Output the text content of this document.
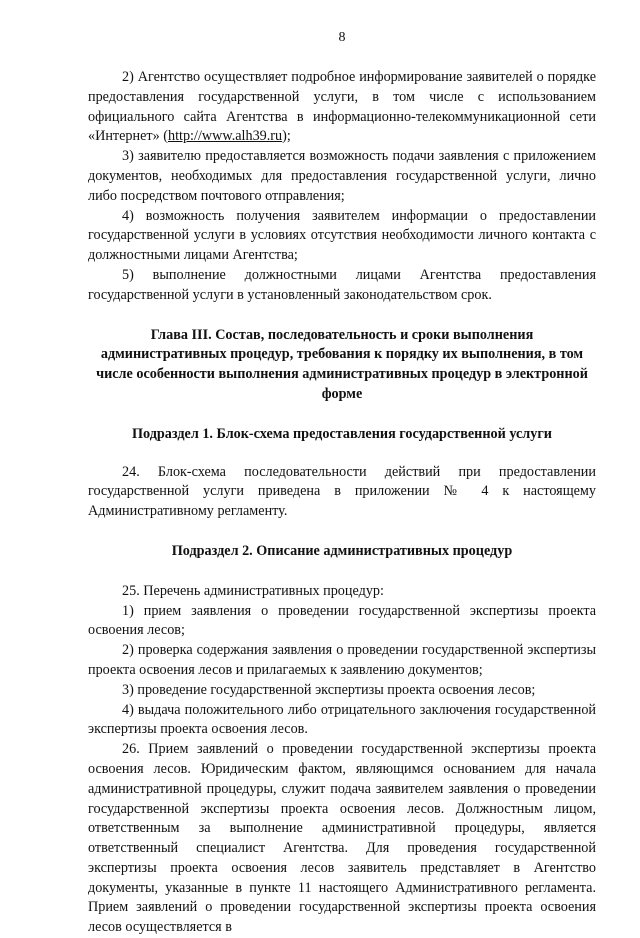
8

2) Агентство осуществляет подробное информирование заявителей о порядке предоставления государственной услуги, в том числе с использованием официального сайта Агентства в информационно-телекоммуникационной сети «Интернет» (http://www.alh39.ru);

3) заявителю предоставляется возможность подачи заявления с приложением документов, необходимых для предоставления государственной услуги, лично либо посредством почтового отправления;

4) возможность получения заявителем информации о предоставлении государственной услуги в условиях отсутствия необходимости личного контакта с должностными лицами Агентства;

5) выполнение должностными лицами Агентства предоставления государственной услуги в установленный законодательством срок.

Глава III. Состав, последовательность и сроки выполнения административных процедур, требования к порядку их выполнения, в том числе особенности выполнения административных процедур в электронной форме
Подраздел 1. Блок-схема предоставления государственной услуги

24. Блок-схема последовательности действий при предоставлении государственной услуги приведена в приложении № 4 к настоящему Административному регламенту.

Подраздел 2. Описание административных процедур

25. Перечень административных процедур:

1) прием заявления о проведении государственной экспертизы проекта освоения лесов;

2) проверка содержания заявления о проведении государственной экспертизы проекта освоения лесов и прилагаемых к заявлению документов;

3) проведение государственной экспертизы проекта освоения лесов;

4) выдача положительного либо отрицательного заключения государственной экспертизы проекта освоения лесов.

26. Прием заявлений о проведении государственной экспертизы проекта освоения лесов. Юридическим фактом, являющимся основанием для начала административной процедуры, служит подача заявителем заявления о проведении государственной экспертизы проекта освоения лесов. Должностным лицом, ответственным за выполнение административной процедуры, является ответственный специалист Агентства. Для проведения государственной экспертизы проекта освоения лесов заявитель представляет в Агентство документы, указанные в пункте 11 настоящего Административного регламента. Прием заявлений о проведении государственной экспертизы проекта освоения лесов осуществляется в
